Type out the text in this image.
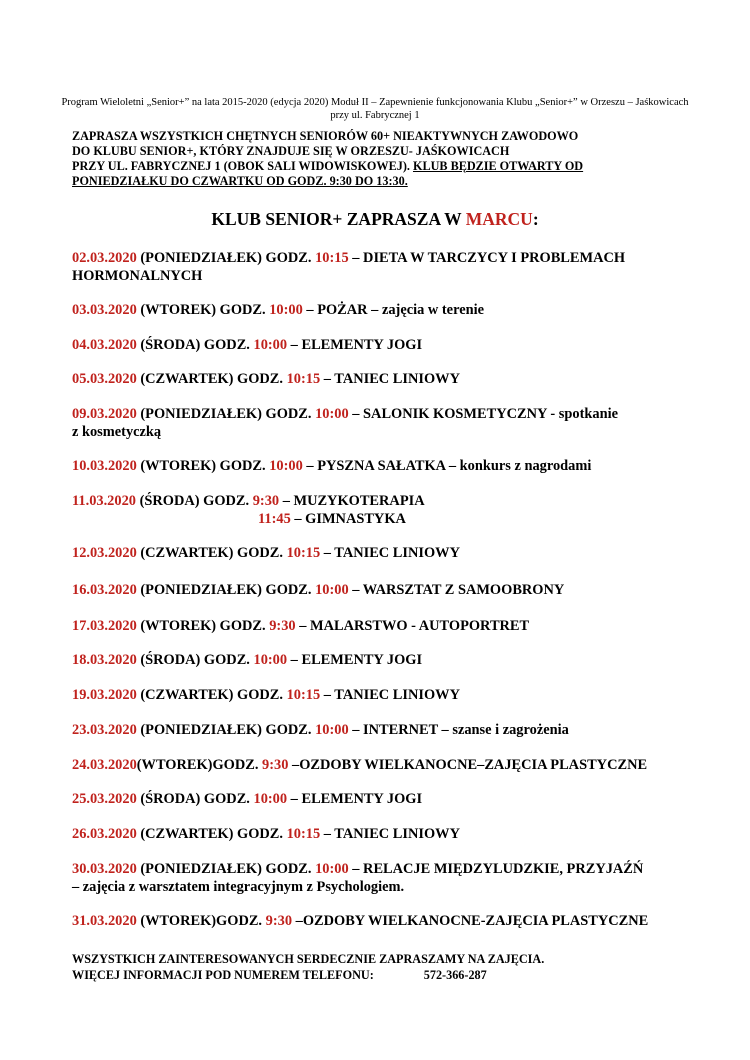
Program Wieloletni „Senior+” na lata 2015-2020 (edycja 2020) Moduł II – Zapewnienie funkcjonowania Klubu „Senior+” w Orzeszu – Jaśkowicach
przy ul. Fabrycznej 1
ZAPRASZA WSZYSTKICH CHĘTNYCH SENIORÓW 60+ NIEAKTYWNYCH ZAWODOWO
DO KLUBU SENIOR+, KTÓRY ZNAJDUJE SIĘ W ORZESZU- JAŚKOWICACH
PRZY UL. FABRYCZNEJ 1 (OBOK SALI WIDOWISKOWEJ). KLUB BĘDZIE OTWARTY OD
PONIEDZIAŁKU DO CZWARTKU OD GODZ. 9:30 DO 13:30.
KLUB SENIOR+ ZAPRASZA W MARCU:
02.03.2020 (PONIEDZIAŁEK) GODZ. 10:15 – DIETA W TARCZYCY I PROBLEMACH
HORMONALNYCH
03.03.2020 (WTOREK) GODZ. 10:00 – POŻAR – zajęcia w terenie
04.03.2020 (ŚRODA) GODZ. 10:00 – ELEMENTY JOGI
05.03.2020 (CZWARTEK) GODZ. 10:15 – TANIEC LINIOWY
09.03.2020 (PONIEDZIAŁEK) GODZ. 10:00 – SALONIK KOSMETYCZNY - spotkanie
z kosmetyczką
10.03.2020 (WTOREK) GODZ. 10:00 – PYSZNA SAŁATKA – konkurs z nagrodami
11.03.2020 (ŚRODA) GODZ. 9:30 – MUZYKOTERAPIA
11:45 – GIMNASTYKA
12.03.2020 (CZWARTEK) GODZ. 10:15 – TANIEC LINIOWY
16.03.2020 (PONIEDZIAŁEK) GODZ. 10:00 – WARSZTAT Z SAMOOBRONY
17.03.2020 (WTOREK) GODZ. 9:30 – MALARSTWO - AUTOPORTRET
18.03.2020 (ŚRODA) GODZ. 10:00 – ELEMENTY JOGI
19.03.2020 (CZWARTEK) GODZ. 10:15 – TANIEC LINIOWY
23.03.2020 (PONIEDZIAŁEK) GODZ. 10:00 – INTERNET – szanse i zagrożenia
24.03.2020(WTOREK)GODZ. 9:30 –OZDOBY WIELKANOCNE–ZAJĘCIA PLASTYCZNE
25.03.2020 (ŚRODA) GODZ. 10:00 – ELEMENTY JOGI
26.03.2020 (CZWARTEK) GODZ. 10:15 – TANIEC LINIOWY
30.03.2020 (PONIEDZIAŁEK) GODZ. 10:00 – RELACJE MIĘDZYLUDZKIE, PRZYJAŹŃ
– zajęcia z warsztatem integracyjnym z Psychologiem.
31.03.2020 (WTOREK)GODZ. 9:30 –OZDOBY WIELKANOCNE-ZAJĘCIA PLASTYCZNE
WSZYSTKICH ZAINTERESOWANYCH SERDECZNIE ZAPRASZAMY NA ZAJĘCIA.
WIĘCEJ INFORMACJI POD NUMEREM TELEFONU:	572-366-287
